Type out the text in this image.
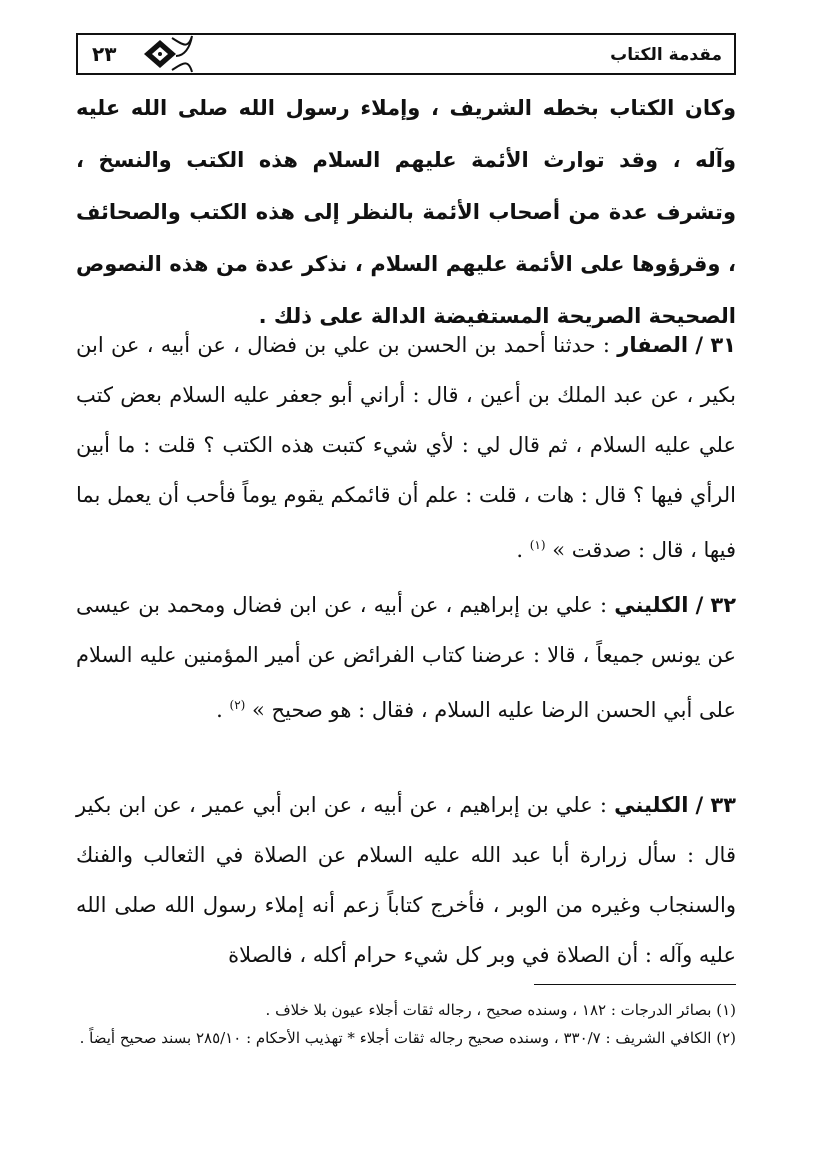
مقدمة الكتاب
٢٣
وكان الكتاب بخطه الشريف ، وإملاء رسول الله صلى الله عليه وآله ، وقد توارث الأئمة عليهم السلام هذه الكتب والنسخ ، وتشرف عدة من أصحاب الأئمة بالنظر إلى هذه الكتب والصحائف ، وقرؤوها على الأئمة عليهم السلام ، نذكر عدة من هذه النصوص الصحيحة الصريحة المستفيضة الدالة على ذلك .
٣١ / الصفار : حدثنا أحمد بن الحسن بن علي بن فضال ، عن أبيه ، عن ابن بكير ، عن عبد الملك بن أعين ، قال : أراني أبو جعفر عليه السلام بعض كتب علي عليه السلام ، ثم قال لي : لأي شيء كتبت هذه الكتب ؟ قلت : ما أبين الرأي فيها ؟ قال : هات ، قلت : علم أن قائمكم يقوم يوماً فأحب أن يعمل بما فيها ، قال : صدقت » $^{(١)}$ .
٣٢ / الكليني : علي بن إبراهيم ، عن أبيه ، عن ابن فضال ومحمد بن عيسى عن يونس جميعاً ، قالا : عرضنا كتاب الفرائض عن أمير المؤمنين عليه السلام على أبي الحسن الرضا عليه السلام ، فقال : هو صحيح » $^{(٢)}$ .
٣٣ / الكليني : علي بن إبراهيم ، عن أبيه ، عن ابن أبي عمير ، عن ابن بكير قال : سأل زرارة أبا عبد الله عليه السلام عن الصلاة في الثعالب والفنك والسنجاب وغيره من الوبر ، فأخرج كتاباً زعم أنه إملاء رسول الله صلى الله عليه وآله : أن الصلاة في وبر كل شيء حرام أكله ، فالصلاة

(١) بصائر الدرجات : ١٨٢ ، وسنده صحيح ، رجاله ثقات أجلاء عيون بلا خلاف .

(٢) الكافي الشريف : ٣٣٠/٧ ، وسنده صحيح رجاله ثقات أجلاء * تهذيب الأحكام : ٢٨٥/١٠ بسند صحيح أيضاً .
